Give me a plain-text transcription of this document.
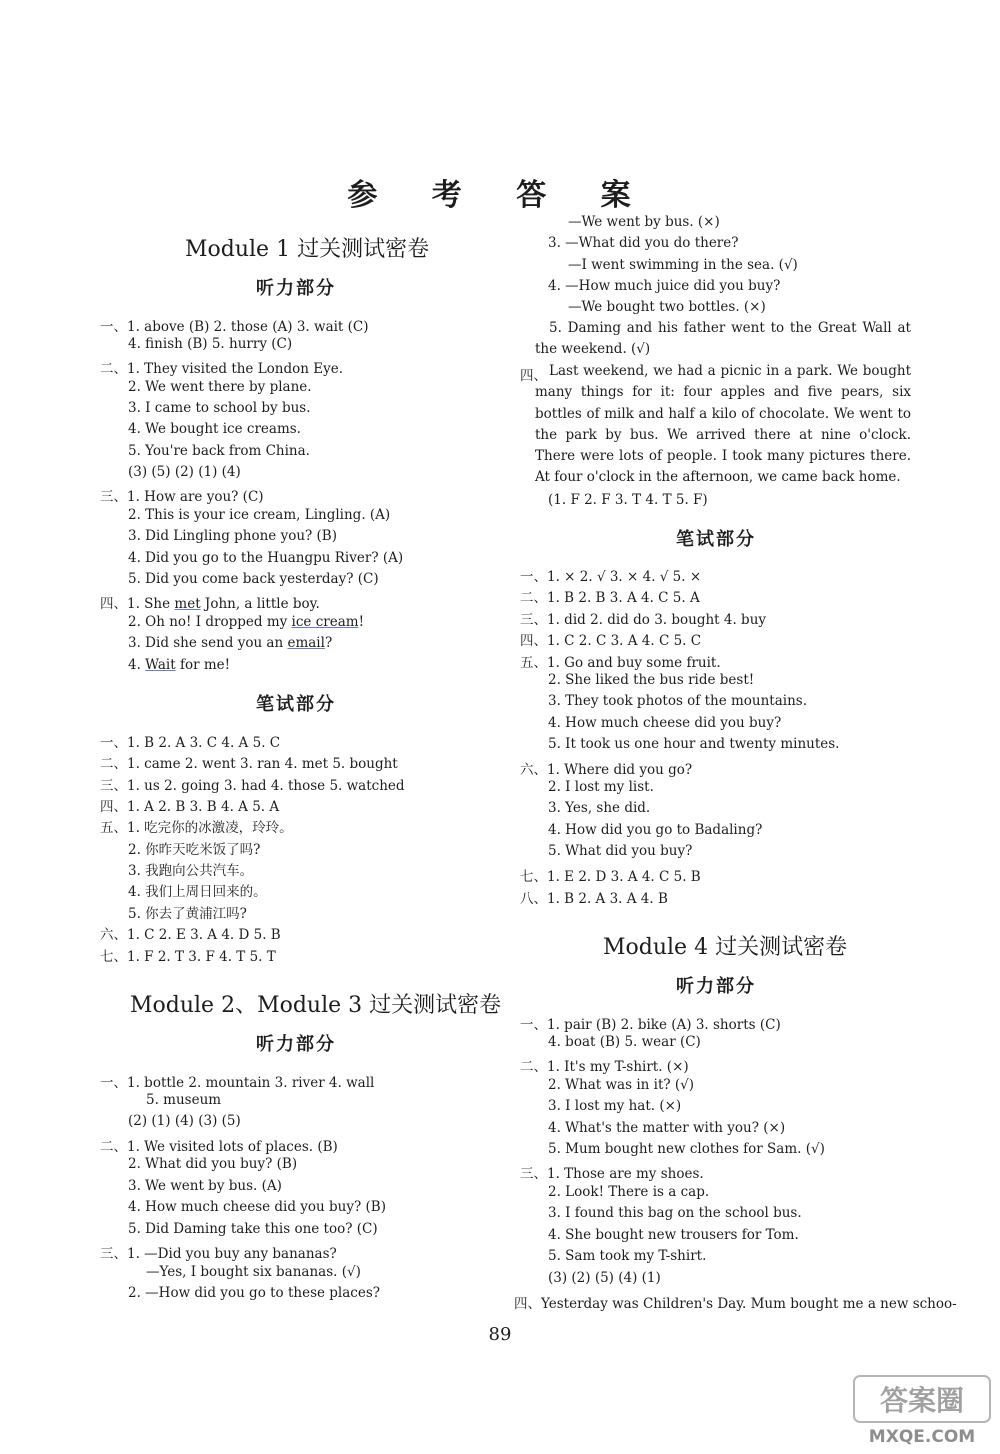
参 考 答 案
Module 1 过关测试密卷
听力部分
一、1. above (B) 2. those (A) 3. wait (C)
4. finish (B) 5. hurry (C)
二、1. They visited the London Eye.
2. We went there by plane.
3. I came to school by bus.
4. We bought ice creams.
5. You're back from China.
(3) (5) (2) (1) (4)
三、1. How are you? (C)
2. This is your ice cream, Lingling. (A)
3. Did Lingling phone you? (B)
4. Did you go to the Huangpu River? (A)
5. Did you come back yesterday? (C)
四、1. She met John, a little boy.
2. Oh no! I dropped my ice cream!
3. Did she send you an email?
4. Wait for me!
笔试部分
一、1. B 2. A 3. C 4. A 5. C
二、1. came 2. went 3. ran 4. met 5. bought
三、1. us 2. going 3. had 4. those 5. watched
四、1. A 2. B 3. B 4. A 5. A
五、1. 吃完你的冰激凌，玲玲。
2. 你昨天吃米饭了吗?
3. 我跑向公共汽车。
4. 我们上周日回来的。
5. 你去了黄浦江吗?
六、1. C 2. E 3. A 4. D 5. B
七、1. F 2. T 3. F 4. T 5. T
Module 2、Module 3 过关测试密卷
听力部分
一、1. bottle 2. mountain 3. river 4. wall
5. museum
(2) (1) (4) (3) (5)
二、1. We visited lots of places. (B)
2. What did you buy? (B)
3. We went by bus. (A)
4. How much cheese did you buy? (B)
5. Did Daming take this one too? (C)
三、1. —Did you buy any bananas?
—Yes, I bought six bananas. (√)
2. —How did you go to these places?
—We went by bus. (×)
3. —What did you do there?
—I went swimming in the sea. (√)
4. —How much juice did you buy?
—We bought two bottles. (×)
5. Daming and his father went to the Great Wall at the weekend. (√)
四、 Last weekend, we had a picnic in a park. We bought many things for it: four apples and five pears, six bottles of milk and half a kilo of chocolate. We went to the park by bus. We arrived there at nine o'clock. There were lots of people. I took many pictures there. At four o'clock in the afternoon, we came back home.
(1. F 2. F 3. T 4. T 5. F)
笔试部分
一、1. × 2. √ 3. × 4. √ 5. ×
二、1. B 2. B 3. A 4. C 5. A
三、1. did 2. did do 3. bought 4. buy
四、1. C 2. C 3. A 4. C 5. C
五、1. Go and buy some fruit.
2. She liked the bus ride best!
3. They took photos of the mountains.
4. How much cheese did you buy?
5. It took us one hour and twenty minutes.
六、1. Where did you go?
2. I lost my list.
3. Yes, she did.
4. How did you go to Badaling?
5. What did you buy?
七、1. E 2. D 3. A 4. C 5. B
八、1. B 2. A 3. A 4. B
Module 4 过关测试密卷
听力部分
一、1. pair (B) 2. bike (A) 3. shorts (C)
4. boat (B) 5. wear (C)
二、1. It's my T-shirt. (×)
2. What was in it? (√)
3. I lost my hat. (×)
4. What's the matter with you? (×)
5. Mum bought new clothes for Sam. (√)
三、1. Those are my shoes.
2. Look! There is a cap.
3. I found this bag on the school bus.
4. She bought new trousers for Tom.
5. Sam took my T-shirt.
(3) (2) (5) (4) (1)
四、Yesterday was Children's Day. Mum bought me a new schoo-
89
答案圈
MXQE.COM
